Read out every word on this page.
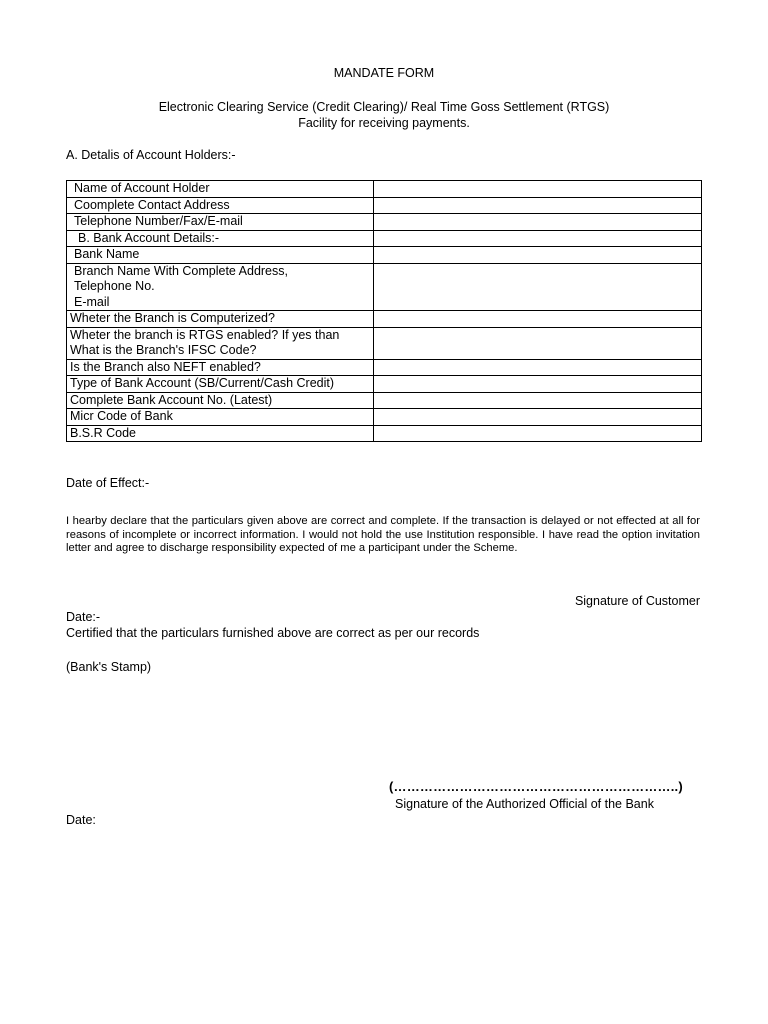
MANDATE FORM
Electronic Clearing Service (Credit Clearing)/ Real Time Goss Settlement (RTGS)
Facility for receiving payments.
A. Detalis of Account Holders:-
Name of Account Holder	
Coomplete Contact Address	
Telephone Number/Fax/E-mail	
B. Bank Account Details:-	
Bank Name	

Branch Name With Complete Address,
Telephone No.
E-mail	

Wheter the Branch is Computerized?	

Wheter the branch is RTGS enabled? If yes than
What is the Branch's IFSC Code?	

Is the Branch also NEFT enabled?	
Type of Bank Account (SB/Current/Cash Credit)	
Complete Bank Account No. (Latest)	
Micr Code of Bank	
B.S.R Code	
Date of Effect:-
I hearby declare that the particulars given above are correct and complete. If the transaction is delayed or not effected at all for reasons of incomplete or incorrect information. I would not hold the use Institution responsible. I have read the option invitation letter and agree to discharge responsibility expected of me a participant under the Scheme.
Signature of Customer
Date:-
Certified that the particulars furnished above are correct as per our records
(Bank's Stamp)
(………………………………………………………..)
Signature of the Authorized Official of the Bank
Date:
